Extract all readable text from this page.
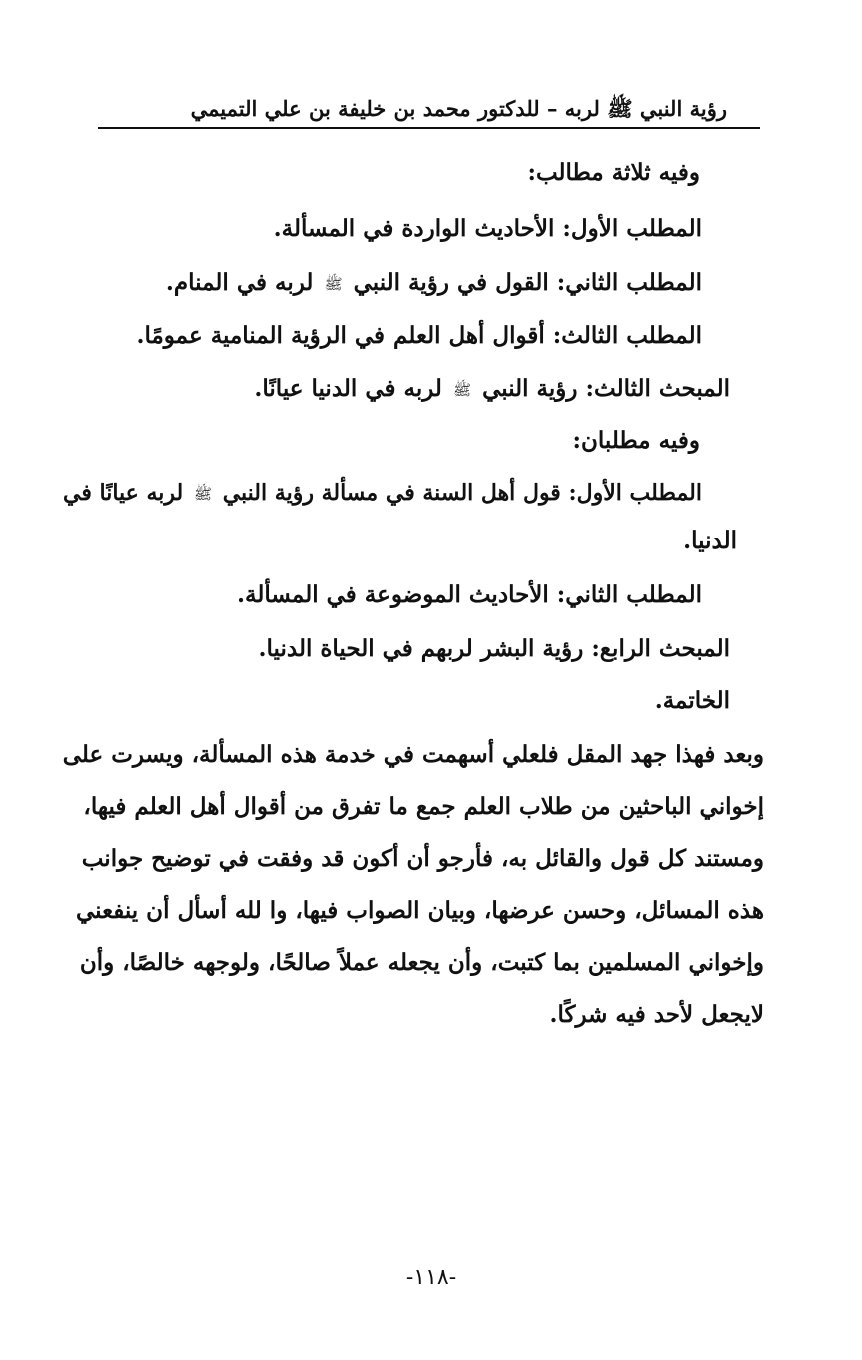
رؤية النبي ﷺ لربه – للدكتور محمد بن خليفة بن علي التميمي
وفيه ثلاثة مطالب:
المطلب الأول: الأحاديث الواردة في المسألة.
المطلب الثاني: القول في رؤية النبي ﷺ لربه في المنام.
المطلب الثالث: أقوال أهل العلم في الرؤية المنامية عمومًا.
المبحث الثالث: رؤية النبي ﷺ لربه في الدنيا عيانًا.
وفيه مطلبان:
المطلب الأول: قول أهل السنة في مسألة رؤية النبي ﷺ لربه عيانًا في
الدنيا.
المطلب الثاني: الأحاديث الموضوعة في المسألة.
المبحث الرابع: رؤية البشر لربهم في الحياة الدنيا.
الخاتمة.
وبعد فهذا جهد المقل فلعلي أسهمت في خدمة هذه المسألة، ويسرت على
إخواني الباحثين من طلاب العلم جمع ما تفرق من أقوال أهل العلم فيها،
ومستند كل قول والقائل به، فأرجو أن أكون قد وفقت في توضيح جوانب
هذه المسائل، وحسن عرضها، وبيان الصواب فيها، وا لله أسأل أن ينفعني
وإخواني المسلمين بما كتبت، وأن يجعله عملاً صالحًا، ولوجهه خالصًا، وأن
لايجعل لأحد فيه شركًا.
-١١٨-
